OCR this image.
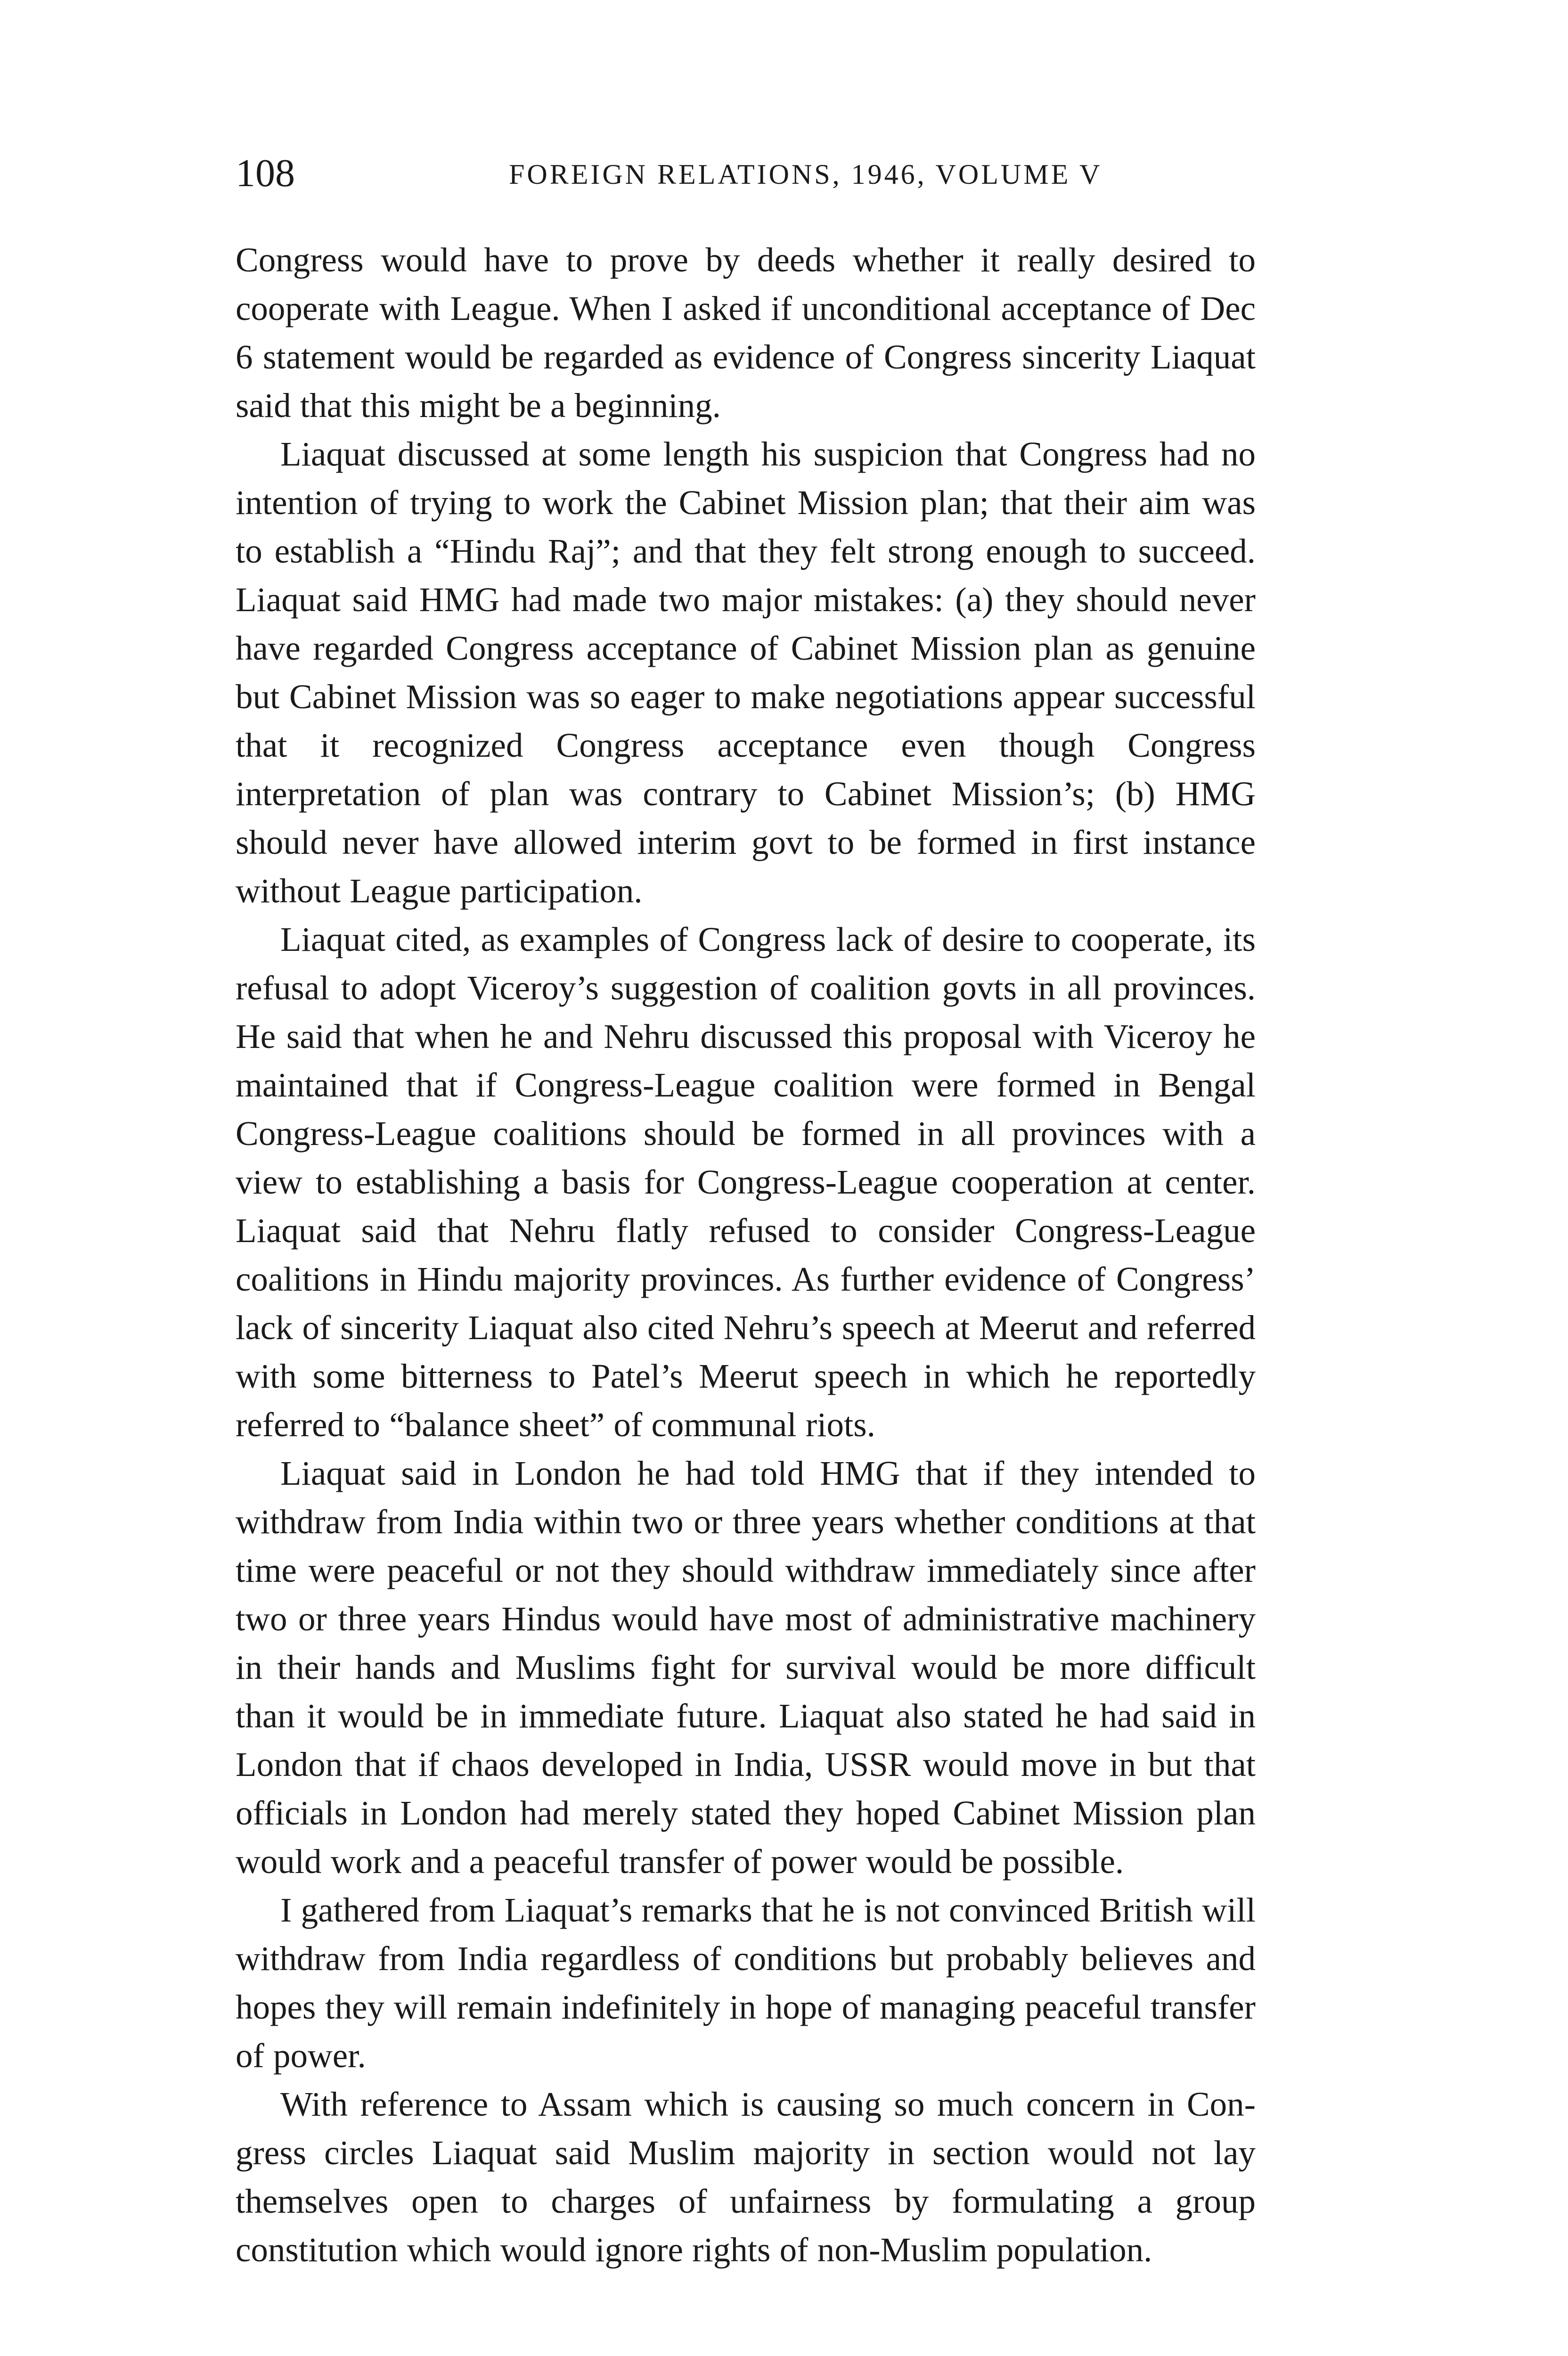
108	FOREIGN RELATIONS, 1946, VOLUME V

Congress would have to prove by deeds whether it really desired to cooperate with League. When I asked if unconditional acceptance of Dec 6 statement would be regarded as evidence of Congress sincerity Liaquat said that this might be a beginning.

Liaquat discussed at some length his suspicion that Congress had no intention of trying to work the Cabinet Mission plan; that their aim was to establish a “Hindu Raj”; and that they felt strong enough to succeed. Liaquat said HMG had made two major mistakes: (a) they should never have regarded Congress acceptance of Cabinet Mission plan as genuine but Cabinet Mission was so eager to make negotiations appear successful that it recognized Congress acceptance even though Congress interpretation of plan was contrary to Cabinet Mission’s; (b) HMG should never have allowed interim govt to be formed in first instance without League participation.

Liaquat cited, as examples of Congress lack of desire to cooperate, its refusal to adopt Viceroy’s suggestion of coalition govts in all provinces. He said that when he and Nehru discussed this proposal with Viceroy he maintained that if Congress-League coalition were formed in Bengal Congress-League coalitions should be formed in all provinces with a view to establishing a basis for Congress-League cooperation at center. Liaquat said that Nehru flatly refused to consider Congress-League coalitions in Hindu majority provinces. As further evidence of Congress’ lack of sincerity Liaquat also cited Nehru’s speech at Meerut and referred with some bitterness to Patel’s Meerut speech in which he reportedly referred to “balance sheet” of communal riots.

Liaquat said in London he had told HMG that if they intended to withdraw from India within two or three years whether conditions at that time were peaceful or not they should withdraw immediately since after two or three years Hindus would have most of administrative machinery in their hands and Muslims fight for survival would be more difficult than it would be in immediate future. Liaquat also stated he had said in London that if chaos developed in India, USSR would move in but that officials in London had merely stated they hoped Cabinet Mission plan would work and a peaceful transfer of power would be possible.

I gathered from Liaquat’s remarks that he is not convinced British will withdraw from India regardless of conditions but probably believes and hopes they will remain indefinitely in hope of managing peaceful transfer of power.

With reference to Assam which is causing so much concern in Congress circles Liaquat said Muslim majority in section would not lay themselves open to charges of unfairness by formulating a group constitution which would ignore rights of non-Muslim population.
